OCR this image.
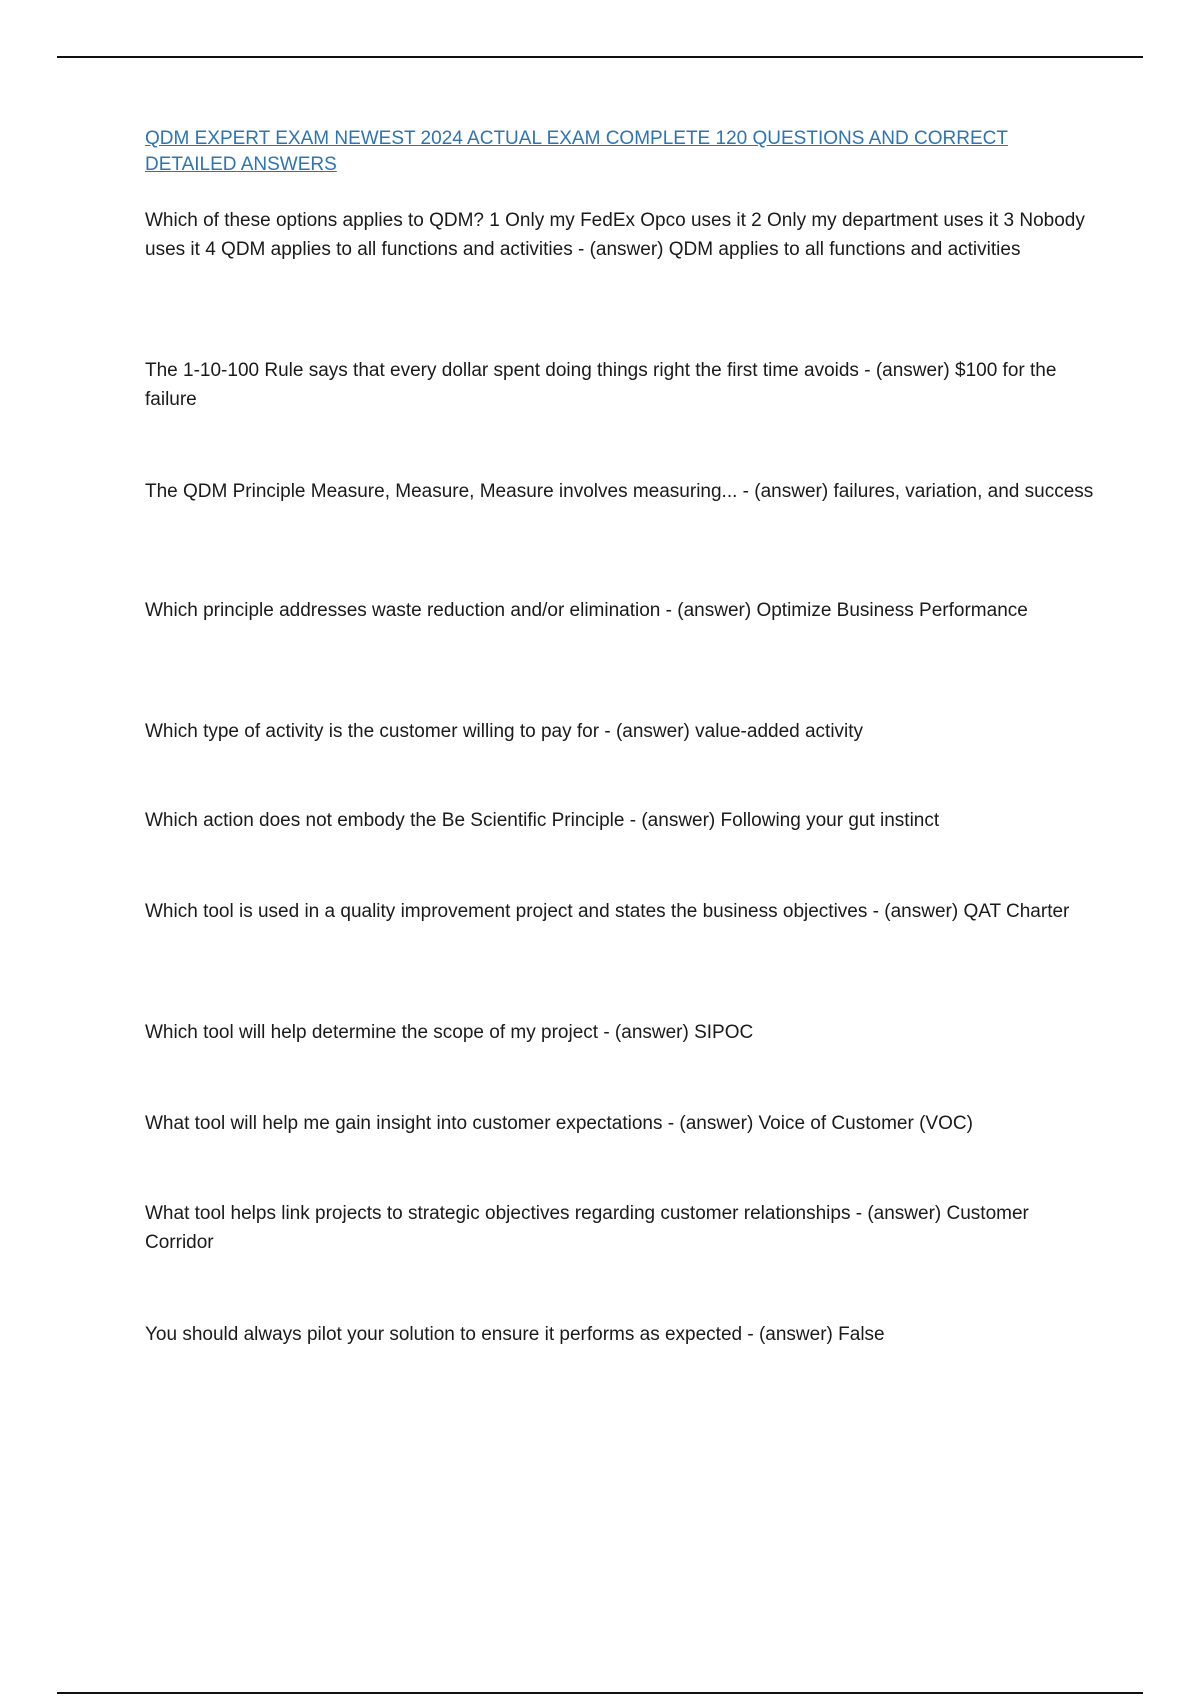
QDM EXPERT EXAM NEWEST 2024 ACTUAL EXAM COMPLETE 120 QUESTIONS AND CORRECT DETAILED ANSWERS

Which of these options applies to QDM? 1 Only my FedEx Opco uses it 2 Only my department uses it 3 Nobody uses it 4 QDM applies to all functions and activities - (answer) QDM applies to all functions and activities

The 1-10-100 Rule says that every dollar spent doing things right the first time avoids - (answer) $100 for the failure

The QDM Principle Measure, Measure, Measure involves measuring... - (answer) failures, variation, and success

Which principle addresses waste reduction and/or elimination - (answer) Optimize Business Performance

Which type of activity is the customer willing to pay for - (answer) value-added activity

Which action does not embody the Be Scientific Principle - (answer) Following your gut instinct

Which tool is used in a quality improvement project and states the business objectives - (answer) QAT Charter

Which tool will help determine the scope of my project - (answer) SIPOC

What tool will help me gain insight into customer expectations - (answer) Voice of Customer (VOC)

What tool helps link projects to strategic objectives regarding customer relationships - (answer) Customer Corridor

You should always pilot your solution to ensure it performs as expected - (answer) False
